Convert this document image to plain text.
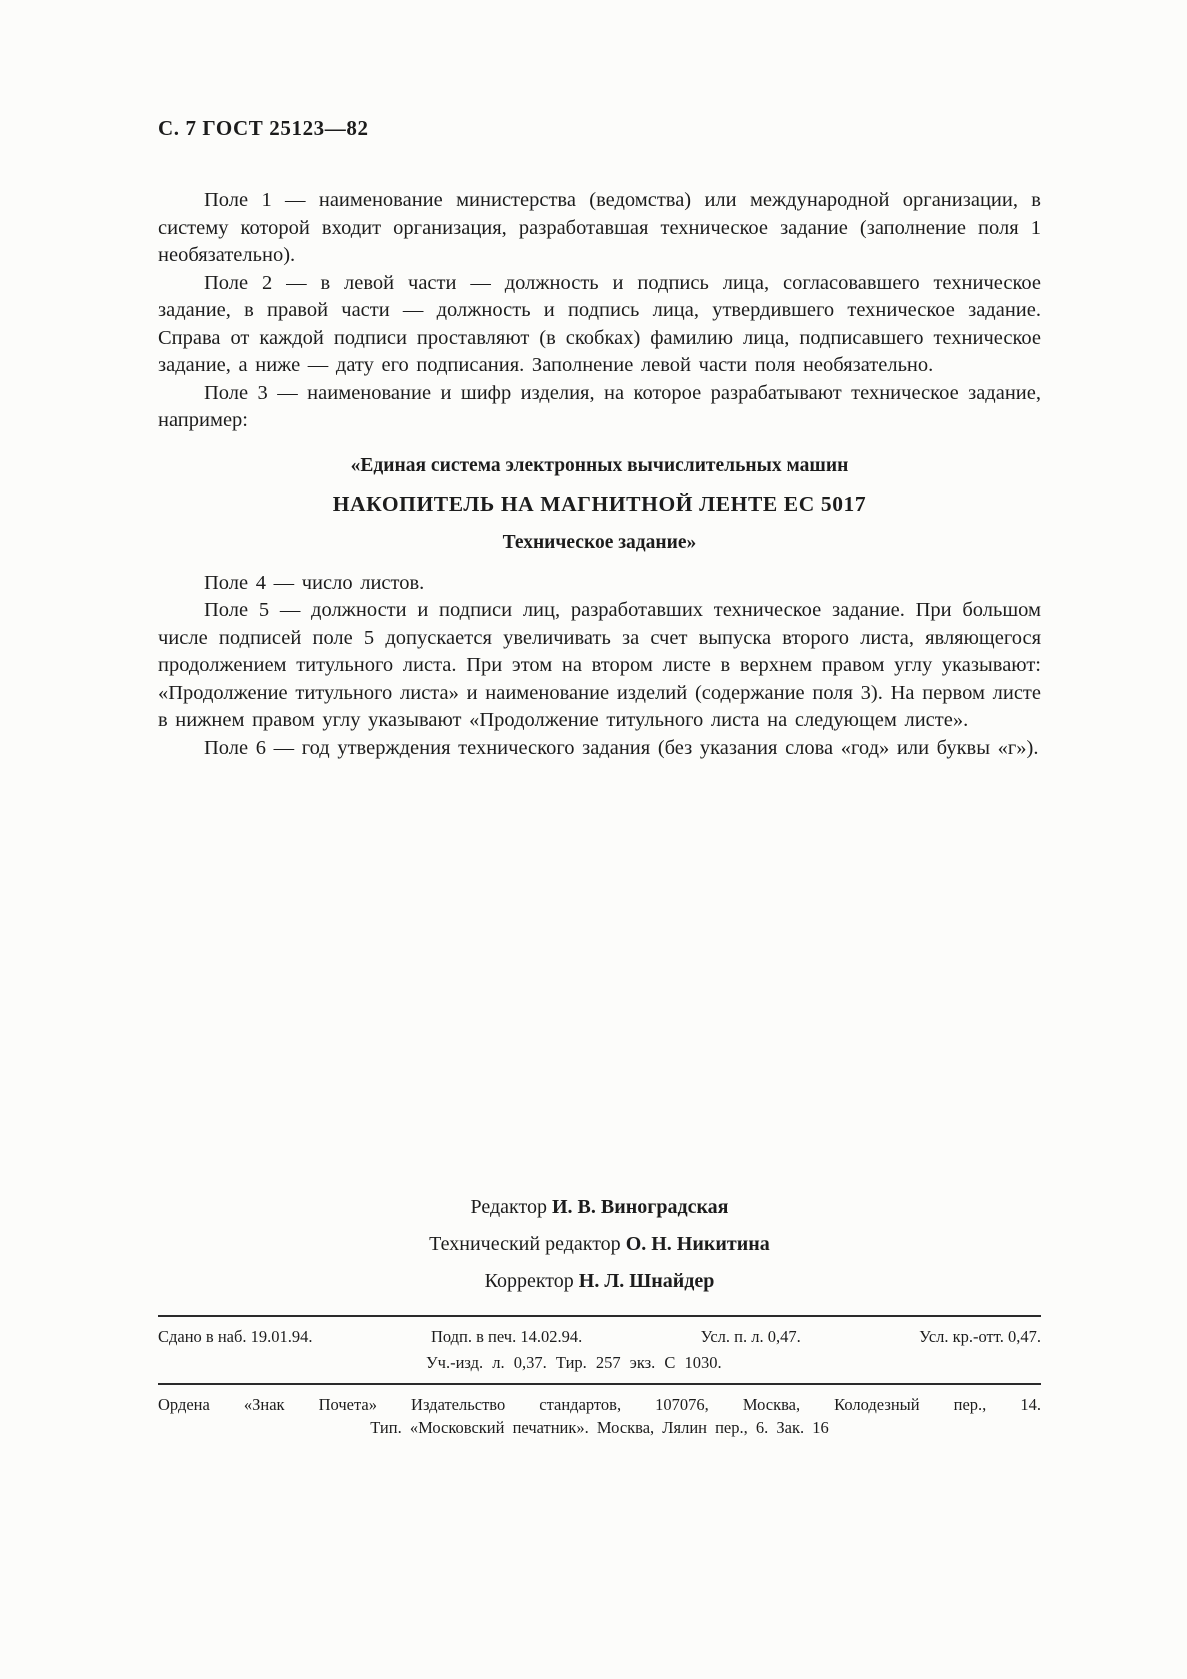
С. 7 ГОСТ 25123—82

Поле 1 — наименование министерства (ведомства) или международной организации, в систему которой входит организация, разработавшая техническое задание (заполнение поля 1 необязательно).

Поле 2 — в левой части — должность и подпись лица, согласовавшего техническое задание, в правой части — должность и подпись лица, утвердившего техническое задание. Справа от каждой подписи проставляют (в скобках) фамилию лица, подписавшего техническое задание, а ниже — дату его подписания. Заполнение левой части поля необязательно.

Поле 3 — наименование и шифр изделия, на которое разрабатывают техническое задание, например:

«Единая система электронных вычислительных машин
НАКОПИТЕЛЬ НА МАГНИТНОЙ ЛЕНТЕ ЕС 5017
Техническое задание»

Поле 4 — число листов.

Поле 5 — должности и подписи лиц, разработавших техническое задание. При большом числе подписей поле 5 допускается увеличивать за счет выпуска второго листа, являющегося продолжением титульного листа. При этом на втором листе в верхнем правом углу указывают: «Продолжение титульного листа» и наименование изделий (содержание поля 3). На первом листе в нижнем правом углу указывают «Продолжение титульного листа на следующем листе».

Поле 6 — год утверждения технического задания (без указания слова «год» или буквы «г»).

Редактор И. В. Виноградская
Технический редактор О. Н. Никитина
Корректор Н. Л. Шнайдер
Сдано в наб. 19.01.94.	Подп. в печ. 14.02.94.	Усл. п. л. 0,47.	Усл. кр.-отт. 0,47.
Уч.-изд. л. 0,37. Тир. 257 экз. С 1030.
Ордена «Знак Почета» Издательство стандартов, 107076, Москва, Колодезный пер., 14.
Тип. «Московский печатник». Москва, Лялин пер., 6. Зак. 16
